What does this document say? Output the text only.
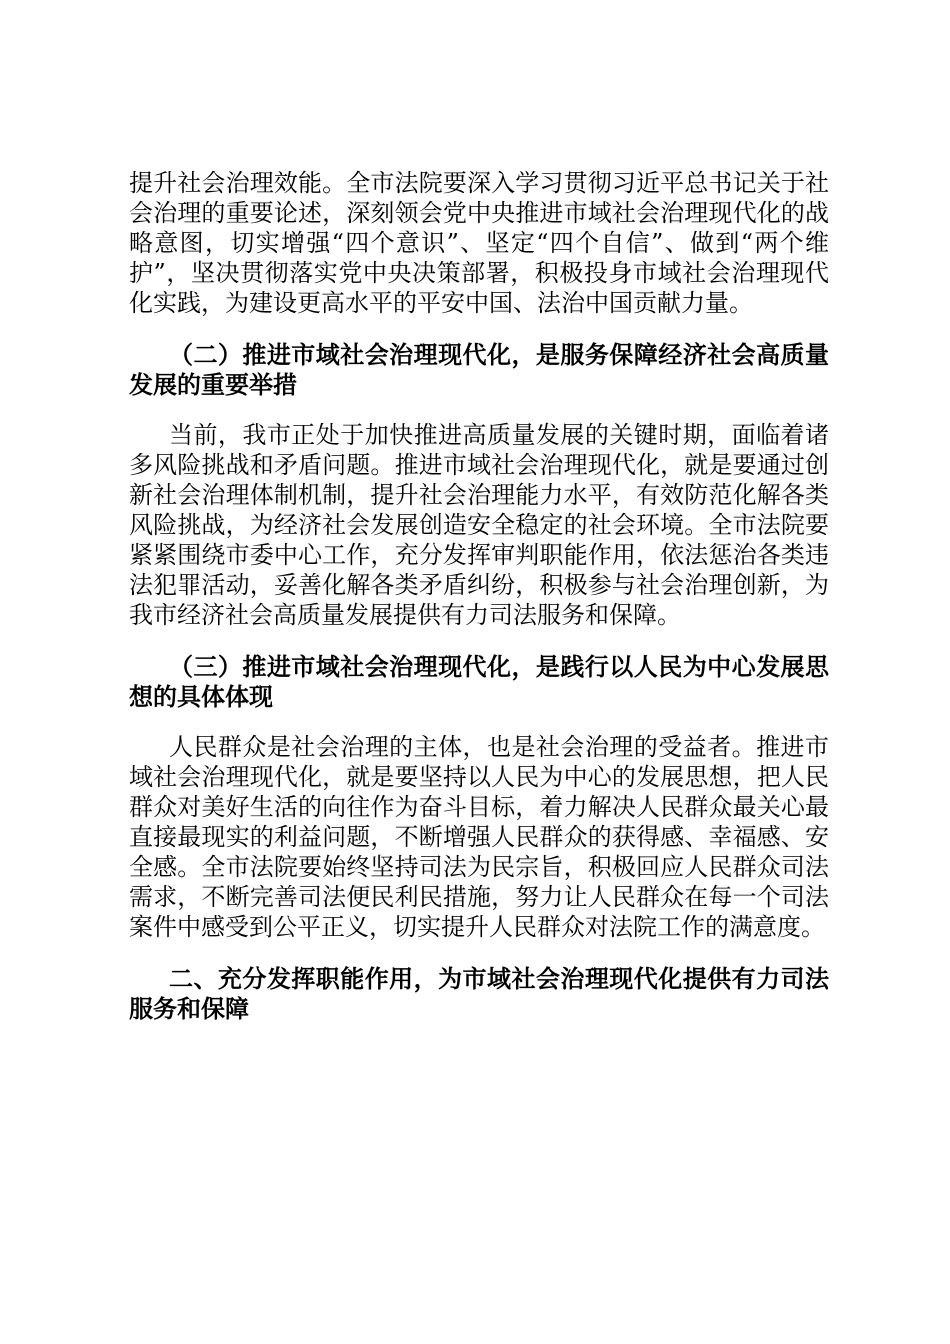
提升社会治理效能。全市法院要深入学习贯彻习近平总书记关于社会治理的重要论述，深刻领会党中央推进市域社会治理现代化的战略意图，切实增强“四个意识”、坚定“四个自信”、做到“两个维护”，坚决贯彻落实党中央决策部署，积极投身市域社会治理现代化实践，为建设更高水平的平安中国、法治中国贡献力量。

（二）推进市域社会治理现代化，是服务保障经济社会高质量发展的重要举措

当前，我市正处于加快推进高质量发展的关键时期，面临着诸多风险挑战和矛盾问题。推进市域社会治理现代化，就是要通过创新社会治理体制机制，提升社会治理能力水平，有效防范化解各类风险挑战，为经济社会发展创造安全稳定的社会环境。全市法院要紧紧围绕市委中心工作，充分发挥审判职能作用，依法惩治各类违法犯罪活动，妥善化解各类矛盾纠纷，积极参与社会治理创新，为我市经济社会高质量发展提供有力司法服务和保障。

（三）推进市域社会治理现代化，是践行以人民为中心发展思想的具体体现

人民群众是社会治理的主体，也是社会治理的受益者。推进市域社会治理现代化，就是要坚持以人民为中心的发展思想，把人民群众对美好生活的向往作为奋斗目标，着力解决人民群众最关心最直接最现实的利益问题，不断增强人民群众的获得感、幸福感、安全感。全市法院要始终坚持司法为民宗旨，积极回应人民群众司法需求，不断完善司法便民利民措施，努力让人民群众在每一个司法案件中感受到公平正义，切实提升人民群众对法院工作的满意度。

二、充分发挥职能作用，为市域社会治理现代化提供有力司法服务和保障
